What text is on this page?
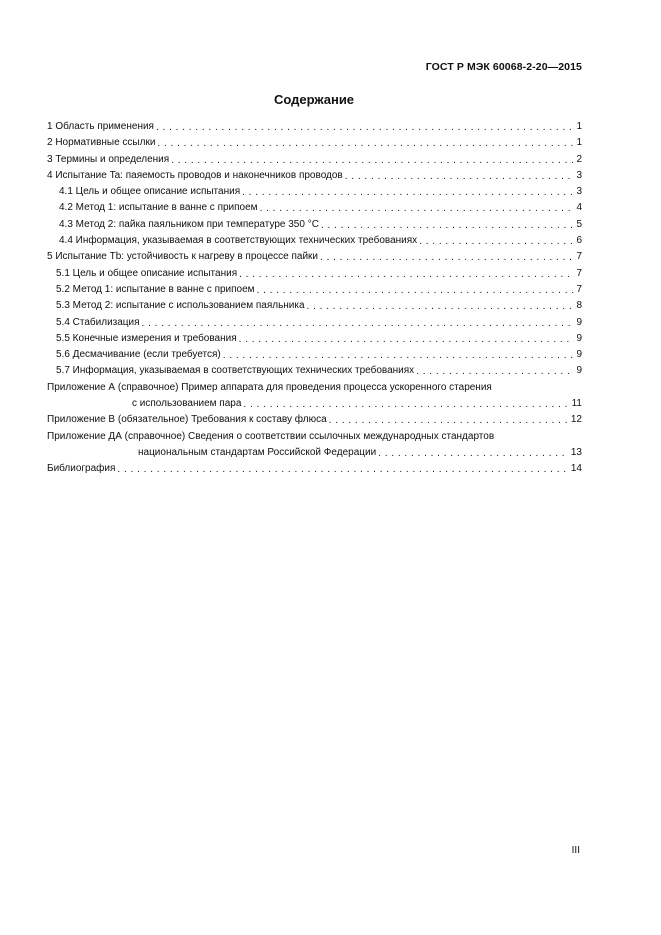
ГОСТ Р МЭК 60068-2-20—2015
Содержание
1 Область применения . . .	1
2 Нормативные ссылки . . .	1
3 Термины и определения . . .	2
4 Испытание Ta: паяемость проводов и наконечников проводов . . .	3
4.1 Цель и общее описание испытания . . .	3
4.2 Метод 1: испытание в ванне с припоем . . .	4
4.3 Метод 2: пайка паяльником при температуре 350 °C . . .	5
4.4 Информация, указываемая в соответствующих технических требованиях . . .	6
5 Испытание Tb: устойчивость к нагреву в процессе пайки . . .	7
5.1 Цель и общее описание испытания . . .	7
5.2 Метод 1: испытание в ванне с припоем . . .	7
5.3 Метод 2: испытание с использованием паяльника . . .	8
5.4 Стабилизация . . .	9
5.5 Конечные измерения и требования . . .	9
5.6 Десмачивание (если требуется) . . .	9
5.7 Информация, указываемая в соответствующих технических требованиях . . .	9
Приложение А (справочное) Пример аппарата для проведения процесса ускоренного старения
с использованием пара . . .	11
Приложение В (обязательное) Требования к составу флюса . . .	12
Приложение ДА (справочное) Сведения о соответствии ссылочных международных стандартов
национальным стандартам Российской Федерации . . .	13
Библиография . . .	14
III
